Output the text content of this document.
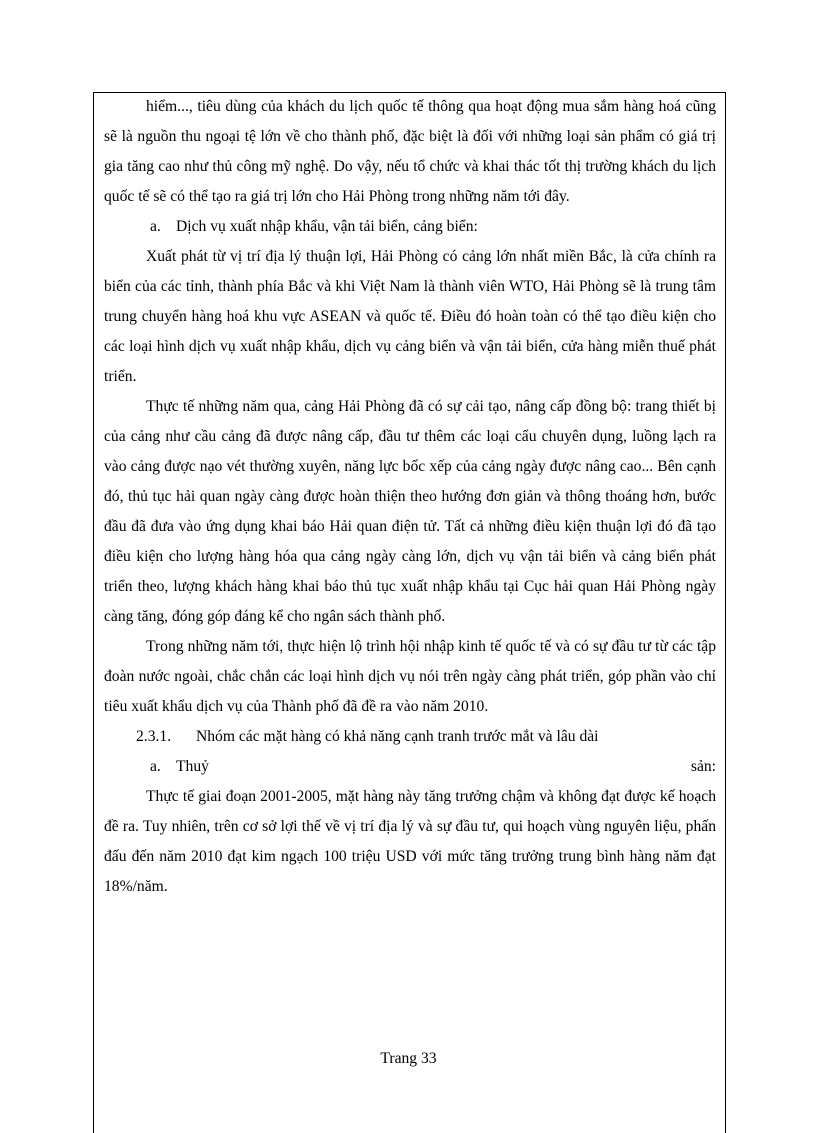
hiểm..., tiêu dùng của khách du lịch quốc tế thông qua hoạt động mua sắm hàng hoá cũng sẽ là nguồn thu ngoại tệ lớn về cho thành phố, đặc biệt là đối với những loại sản phẩm có giá trị gia tăng cao như thủ công mỹ nghệ. Do vậy, nếu tổ chức và khai thác tốt thị trường khách du lịch quốc tế sẽ có thể tạo ra giá trị lớn cho Hải Phòng trong những năm tới đây.

a. Dịch vụ xuất nhập khẩu, vận tải biển, cảng biển:

Xuất phát từ vị trí địa lý thuận lợi, Hải Phòng có cảng lớn nhất miền Bắc, là cửa chính ra biển của các tỉnh, thành phía Bắc và khi Việt Nam là thành viên WTO, Hải Phòng sẽ là trung tâm trung chuyển hàng hoá khu vực ASEAN và quốc tế. Điều đó hoàn toàn có thể tạo điều kiện cho các loại hình dịch vụ xuất nhập khẩu, dịch vụ cảng biển và vận tải biển, cửa hàng miễn thuế phát triển.

Thực tế những năm qua, cảng Hải Phòng đã có sự cải tạo, nâng cấp đồng bộ: trang thiết bị của cảng như cầu cảng đã được nâng cấp, đầu tư thêm các loại cẩu chuyên dụng, luồng lạch ra vào cảng được nạo vét thường xuyên, năng lực bốc xếp của cảng ngày được nâng cao... Bên cạnh đó, thủ tục hải quan ngày càng được hoàn thiện theo hướng đơn giản và thông thoáng hơn, bước đầu đã đưa vào ứng dụng khai báo Hải quan điện tử. Tất cả những điều kiện thuận lợi đó đã tạo điều kiện cho lượng hàng hóa qua cảng ngày càng lớn, dịch vụ vận tải biển và cảng biển phát triển theo, lượng khách hàng khai báo thủ tục xuất nhập khẩu tại Cục hải quan Hải Phòng ngày càng tăng, đóng góp đáng kể cho ngân sách thành phố.

Trong những năm tới, thực hiện lộ trình hội nhập kinh tế quốc tế và có sự đầu tư từ các tập đoàn nước ngoài, chắc chắn các loại hình dịch vụ nói trên ngày càng phát triển, góp phần vào chỉ tiêu xuất khẩu dịch vụ của Thành phố đã đề ra vào năm 2010.

2.3.1. Nhóm các mặt hàng có khả năng cạnh tranh trước mắt và lâu dài

a. Thuỷ sản:

Thực tế giai đoạn 2001-2005, mặt hàng này tăng trưởng chậm và không đạt được kế hoạch đề ra. Tuy nhiên, trên cơ sở lợi thế về vị trí địa lý và sự đầu tư, qui hoạch vùng nguyên liệu, phấn đấu đến năm 2010 đạt kim ngạch 100 triệu USD với mức tăng trưởng trung bình hàng năm đạt 18%/năm.

Trang 33
